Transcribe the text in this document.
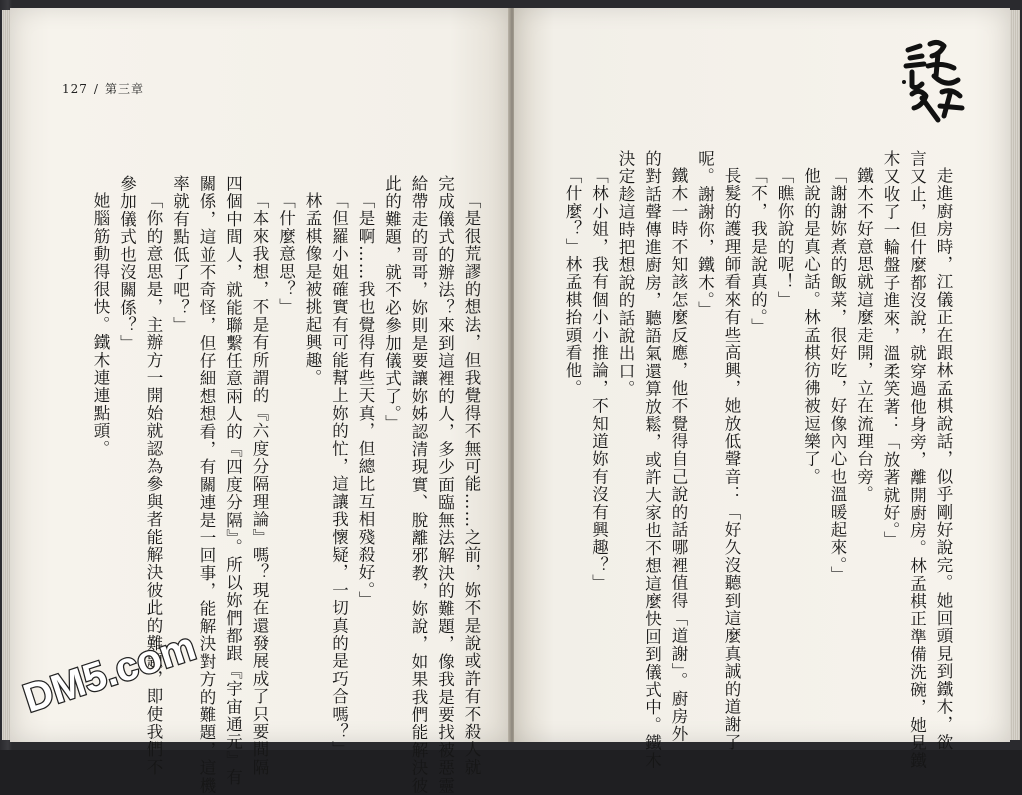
127 / 第三章

走進廚房時，江儀正在跟林孟棋說話，似乎剛好說完。她回頭見到鐵木，欲

言又止，但什麼都沒說，就穿過他身旁，離開廚房。林孟棋正準備洗碗，她見鐵

木又收了一輪盤子進來，溫柔笑著：「放著就好。」

鐵木不好意思就這麼走開，立在流理台旁。

「謝謝妳煮的飯菜，很好吃，好像內心也溫暖起來。」

他說的是真心話。林孟棋彷彿被逗樂了。

「瞧你說的呢！」

「不，我是說真的。」

長髮的護理師看來有些高興，她放低聲音：「好久沒聽到這麼真誠的道謝了

呢。謝謝你，鐵木。」

鐵木一時不知該怎麼反應，他不覺得自己說的話哪裡值得「道謝」。廚房外

的對話聲傳進廚房，聽語氣還算放鬆，或許大家也不想這麼快回到儀式中。鐵木

決定趁這時把想說的話說出口。

「林小姐，我有個小小推論，不知道妳有沒有興趣？」

「什麼？」林孟棋抬頭看他。

「是很荒謬的想法，但我覺得不無可能……之前，妳不是說或許有不殺人就

完成儀式的辦法？來到這裡的人，多少面臨無法解決的難題，像我是要找被惡靈

給帶走的哥哥，妳則是要讓妳姊認清現實、脫離邪教，妳說，如果我們能解決彼

此的難題，就不必參加儀式了。」

「是啊……我也覺得有些天真，但總比互相殘殺好。」

「但羅小姐確實有可能幫上妳的忙，這讓我懷疑，一切真的是巧合嗎？」

林孟棋像是被挑起興趣。

「什麼意思？」

「本來我想，不是有所謂的『六度分隔理論』嗎？現在還發展成了只要間隔

四個中間人，就能聯繫任意兩人的『四度分隔』。所以妳們都跟『宇宙通元』有

關係，這並不奇怪，但仔細想想看，有關連是一回事，能解決對方的難題，這機

率就有點低了吧？」

「你的意思是，主辦方一開始就認為參與者能解決彼此的難題，即使我們不

參加儀式也沒關係？」

她腦筋動得很快。鐵木連連點頭。

DM5.com
